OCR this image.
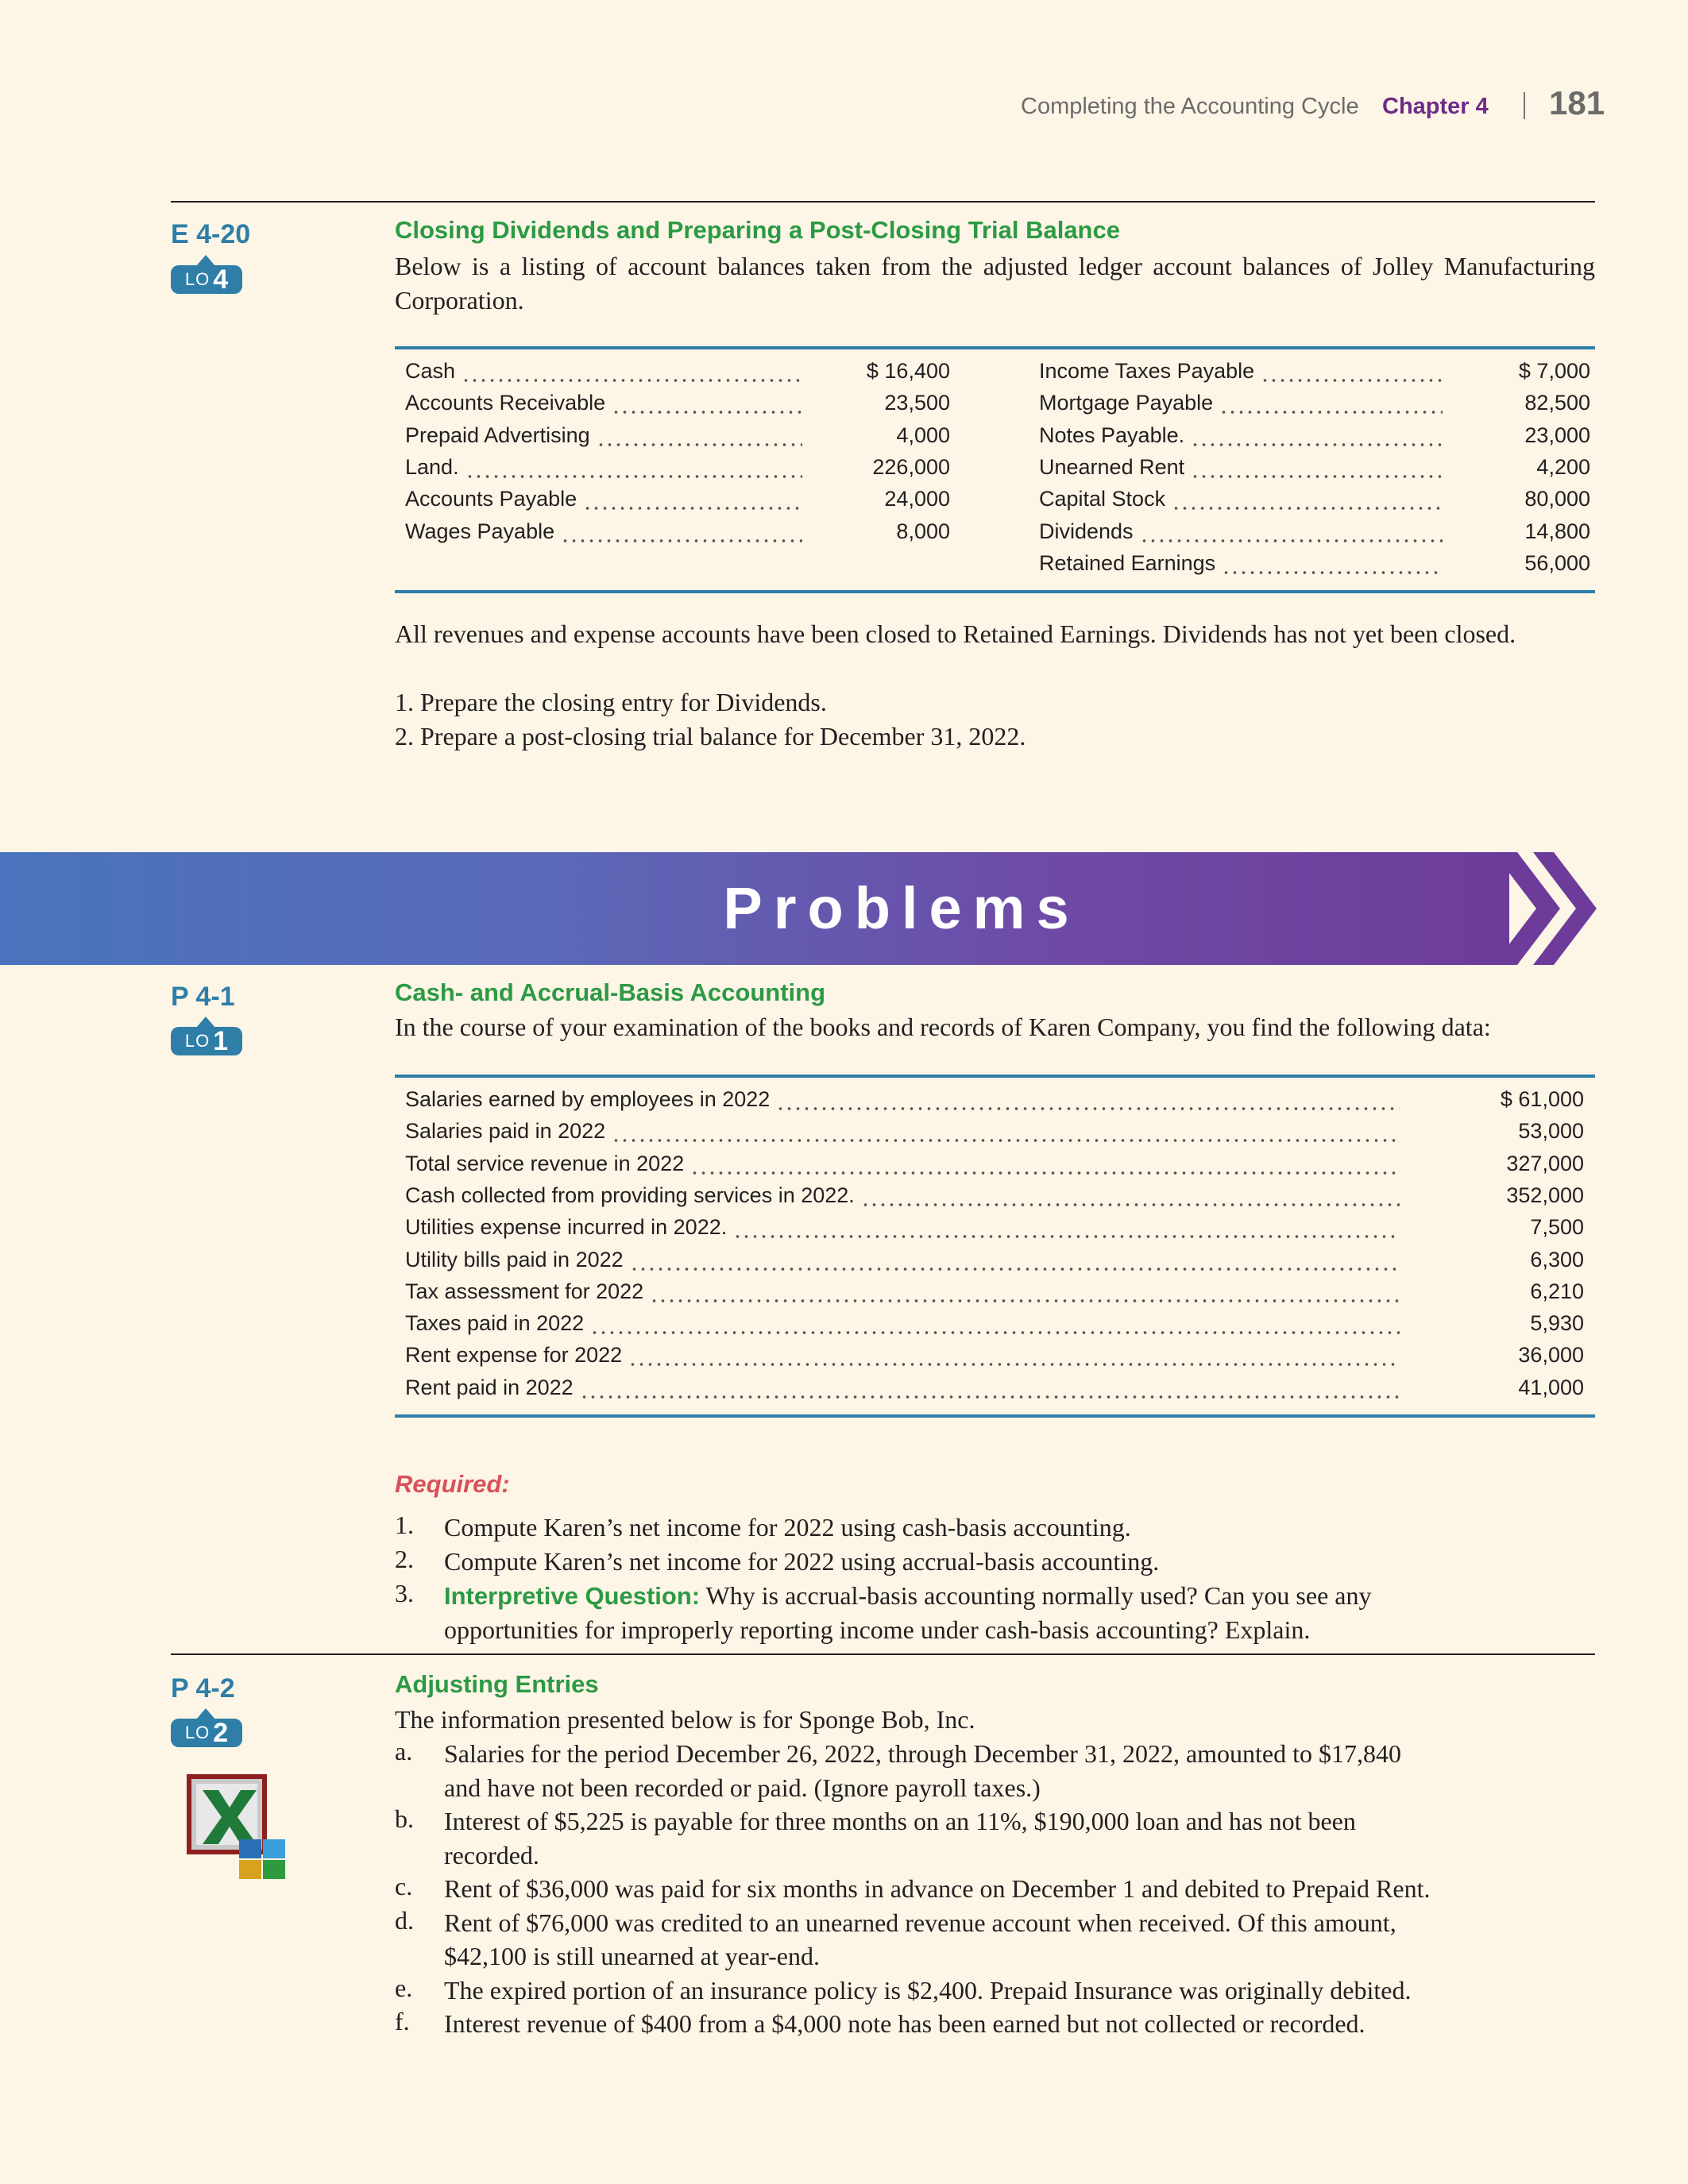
Completing the Accounting Cycle Chapter 4 181
E 4-20
LO 4
Closing Dividends and Preparing a Post-Closing Trial Balance
Below is a listing of account balances taken from the adjusted ledger account balances of Jolley Manufacturing Corporation.
Cash	$ 16,400
Accounts Receivable	23,500
Prepaid Advertising	4,000
Land.	226,000
Accounts Payable	24,000
Wages Payable	8,000
Income Taxes Payable	$ 7,000
Mortgage Payable	82,500
Notes Payable.	23,000
Unearned Rent	4,200
Capital Stock	80,000
Dividends	14,800
Retained Earnings	56,000
All revenues and expense accounts have been closed to Retained Earnings. Dividends has not yet been closed.
1. Prepare the closing entry for Dividends.
2. Prepare a post-closing trial balance for December 31, 2022.
Problems
P 4-1
LO 1
Cash- and Accrual-Basis Accounting
In the course of your examination of the books and records of Karen Company, you find the following data:
Salaries earned by employees in 2022	$ 61,000
Salaries paid in 2022	53,000
Total service revenue in 2022	327,000
Cash collected from providing services in 2022.	352,000
Utilities expense incurred in 2022.	7,500
Utility bills paid in 2022	6,300
Tax assessment for 2022	6,210
Taxes paid in 2022	5,930
Rent expense for 2022	36,000
Rent paid in 2022	41,000
Required:
1. Compute Karen’s net income for 2022 using cash-basis accounting.
2. Compute Karen’s net income for 2022 using accrual-basis accounting.
3. Interpretive Question: Why is accrual-basis accounting normally used? Can you see any
opportunities for improperly reporting income under cash-basis accounting? Explain.
P 4-2
LO 2
Adjusting Entries
The information presented below is for Sponge Bob, Inc.
a. Salaries for the period December 26, 2022, through December 31, 2022, amounted to $17,840
and have not been recorded or paid. (Ignore payroll taxes.)
b. Interest of $5,225 is payable for three months on an 11%, $190,000 loan and has not been
recorded.
c. Rent of $36,000 was paid for six months in advance on December 1 and debited to Prepaid Rent.
d. Rent of $76,000 was credited to an unearned revenue account when received. Of this amount,
$42,100 is still unearned at year-end.
e. The expired portion of an insurance policy is $2,400. Prepaid Insurance was originally debited.
f. Interest revenue of $400 from a $4,000 note has been earned but not collected or recorded.
